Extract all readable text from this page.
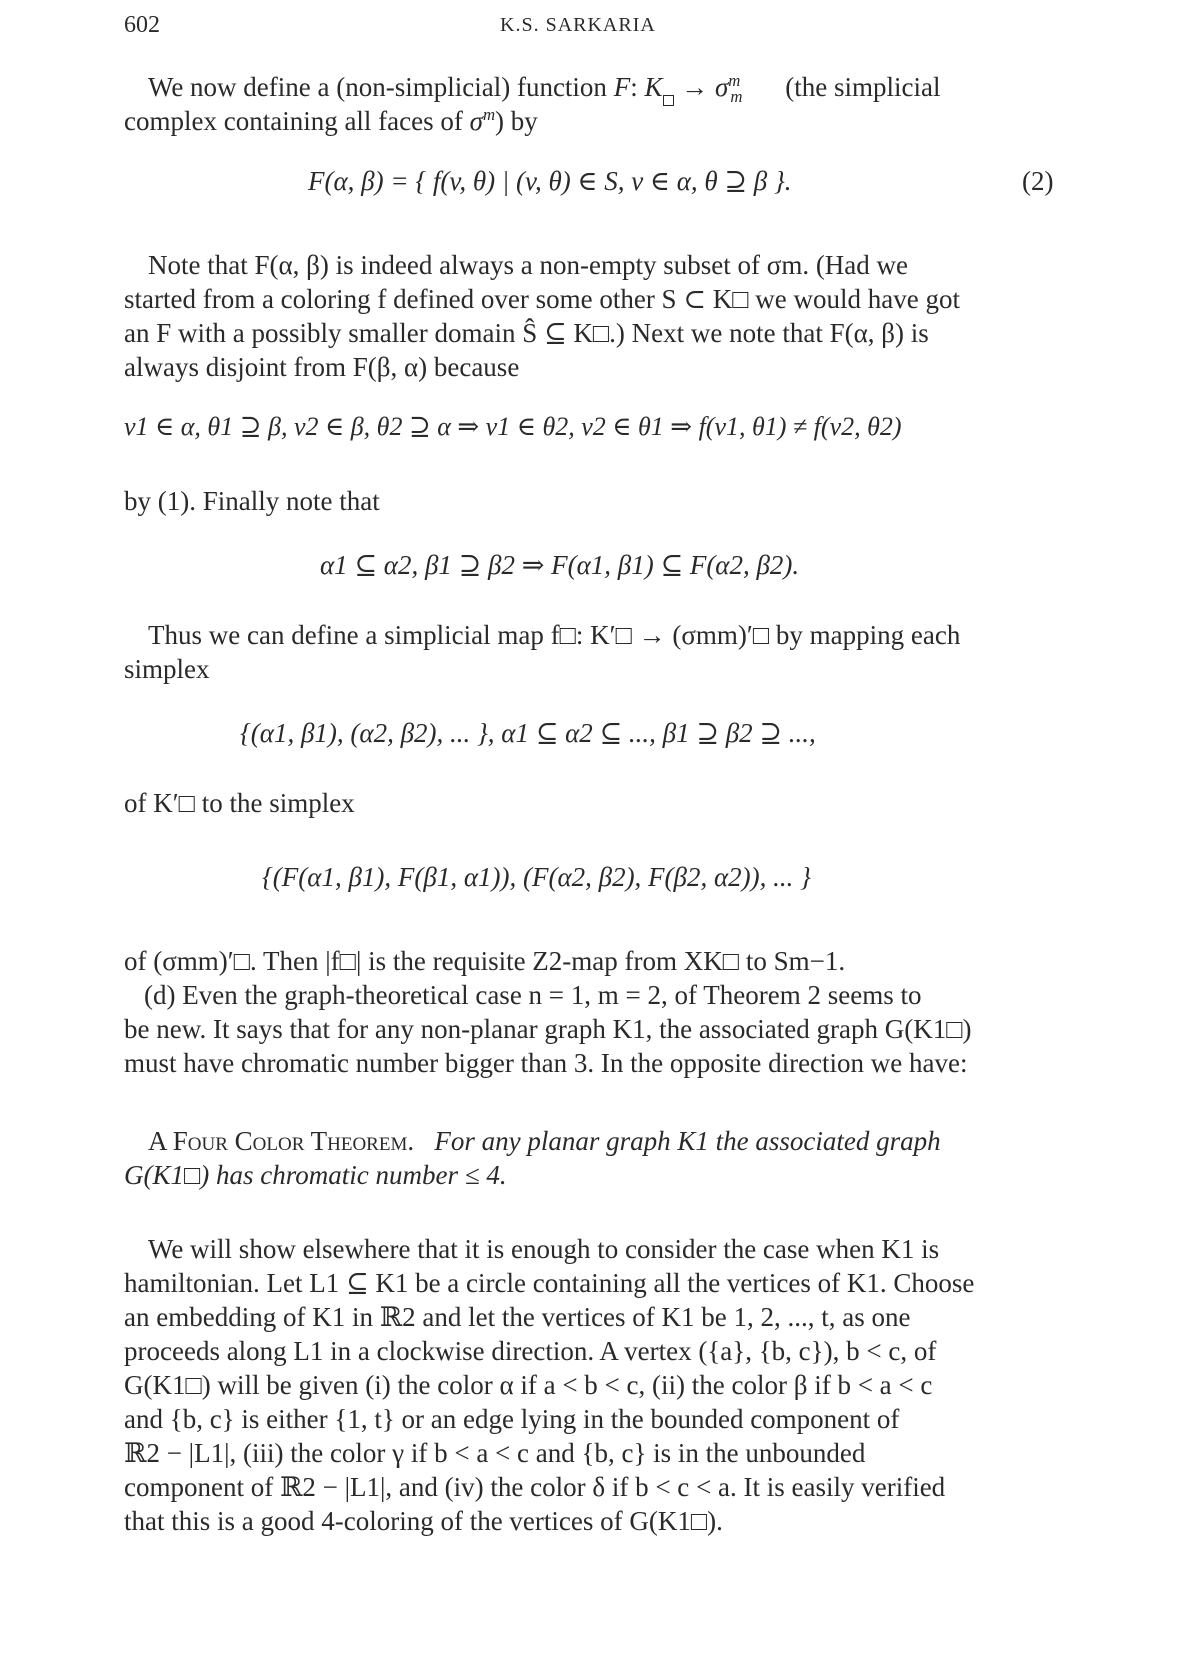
602	K.S. SARKARIA
We now define a (non-simplicial) function F: $K \to \sigma^m_m$ (the simplicial
complex containing all faces of $\sigma^m$) by
F(α, β) = { f(v, θ) | (v, θ) ∈ S, v ∈ α, θ ⊇ β }.	(2)
Note that F(α, β) is indeed always a non-empty subset of σm. (Had we
started from a coloring f defined over some other S ⊂ K□ we would have got
an F with a possibly smaller domain Ŝ ⊆ K□.) Next we note that F(α, β) is
always disjoint from F(β, α) because
v1 ∈ α, θ1 ⊇ β, v2 ∈ β, θ2 ⊇ α ⇒ v1 ∈ θ2, v2 ∈ θ1 ⇒ f(v1, θ1) ≠ f(v2, θ2)
by (1). Finally note that
α1 ⊆ α2, β1 ⊇ β2 ⇒ F(α1, β1) ⊆ F(α2, β2).
Thus we can define a simplicial map f□: K′□ → (σmm)′□ by mapping each
simplex
{(α1, β1), (α2, β2), ... }, α1 ⊆ α2 ⊆ ..., β1 ⊇ β2 ⊇ ...,
of K′□ to the simplex
{(F(α1, β1), F(β1, α1)), (F(α2, β2), F(β2, α2)), ... }
of (σmm)′□. Then |f□| is the requisite Z2-map from XK□ to Sm−1.
(d) Even the graph-theoretical case n = 1, m = 2, of Theorem 2 seems to
be new. It says that for any non-planar graph K1, the associated graph G(K1□)
must have chromatic number bigger than 3. In the opposite direction we have:
A Four Color Theorem. For any planar graph K1 the associated graph
G(K1□) has chromatic number ≤ 4.
We will show elsewhere that it is enough to consider the case when K1 is
hamiltonian. Let L1 ⊆ K1 be a circle containing all the vertices of K1. Choose
an embedding of K1 in ℝ2 and let the vertices of K1 be 1, 2, ..., t, as one
proceeds along L1 in a clockwise direction. A vertex ({a}, {b, c}), b < c, of
G(K1□) will be given (i) the color α if a < b < c, (ii) the color β if b < a < c
and {b, c} is either {1, t} or an edge lying in the bounded component of
ℝ2 − |L1|, (iii) the color γ if b < a < c and {b, c} is in the unbounded
component of ℝ2 − |L1|, and (iv) the color δ if b < c < a. It is easily verified
that this is a good 4-coloring of the vertices of G(K1□).
